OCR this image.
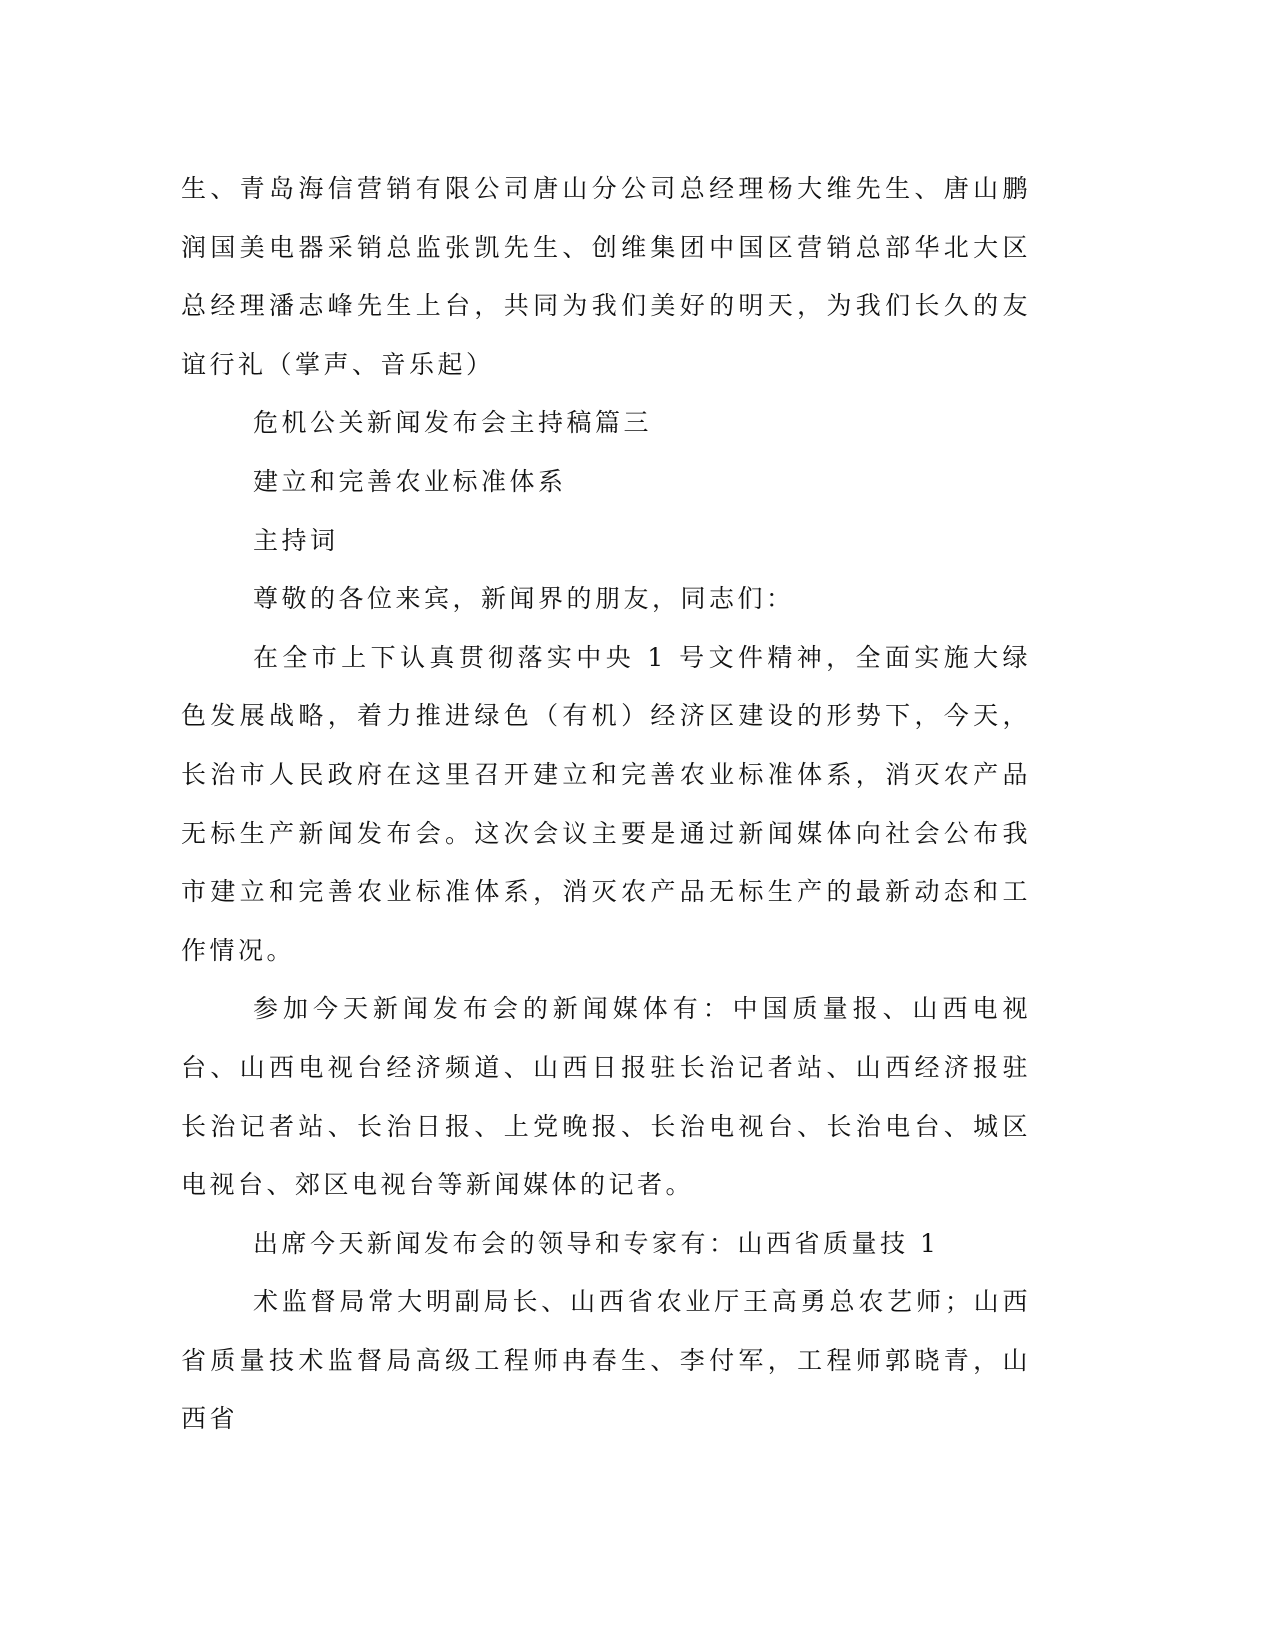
生、青岛海信营销有限公司唐山分公司总经理杨大维先生、唐山鹏润国美电器采销总监张凯先生、创维集团中国区营销总部华北大区总经理潘志峰先生上台，共同为我们美好的明天，为我们长久的友谊行礼（掌声、音乐起）

危机公关新闻发布会主持稿篇三

建立和完善农业标准体系

主持词

尊敬的各位来宾，新闻界的朋友，同志们：

在全市上下认真贯彻落实中央 1 号文件精神，全面实施大绿色发展战略，着力推进绿色（有机）经济区建设的形势下，今天，长治市人民政府在这里召开建立和完善农业标准体系，消灭农产品无标生产新闻发布会。这次会议主要是通过新闻媒体向社会公布我市建立和完善农业标准体系，消灭农产品无标生产的最新动态和工作情况。

参加今天新闻发布会的新闻媒体有：中国质量报、山西电视台、山西电视台经济频道、山西日报驻长治记者站、山西经济报驻长治记者站、长治日报、上党晚报、长治电视台、长治电台、城区电视台、郊区电视台等新闻媒体的记者。

出席今天新闻发布会的领导和专家有：山西省质量技 1

术监督局常大明副局长、山西省农业厅王高勇总农艺师；山西省质量技术监督局高级工程师冉春生、李付军，工程师郭晓青，山西省
